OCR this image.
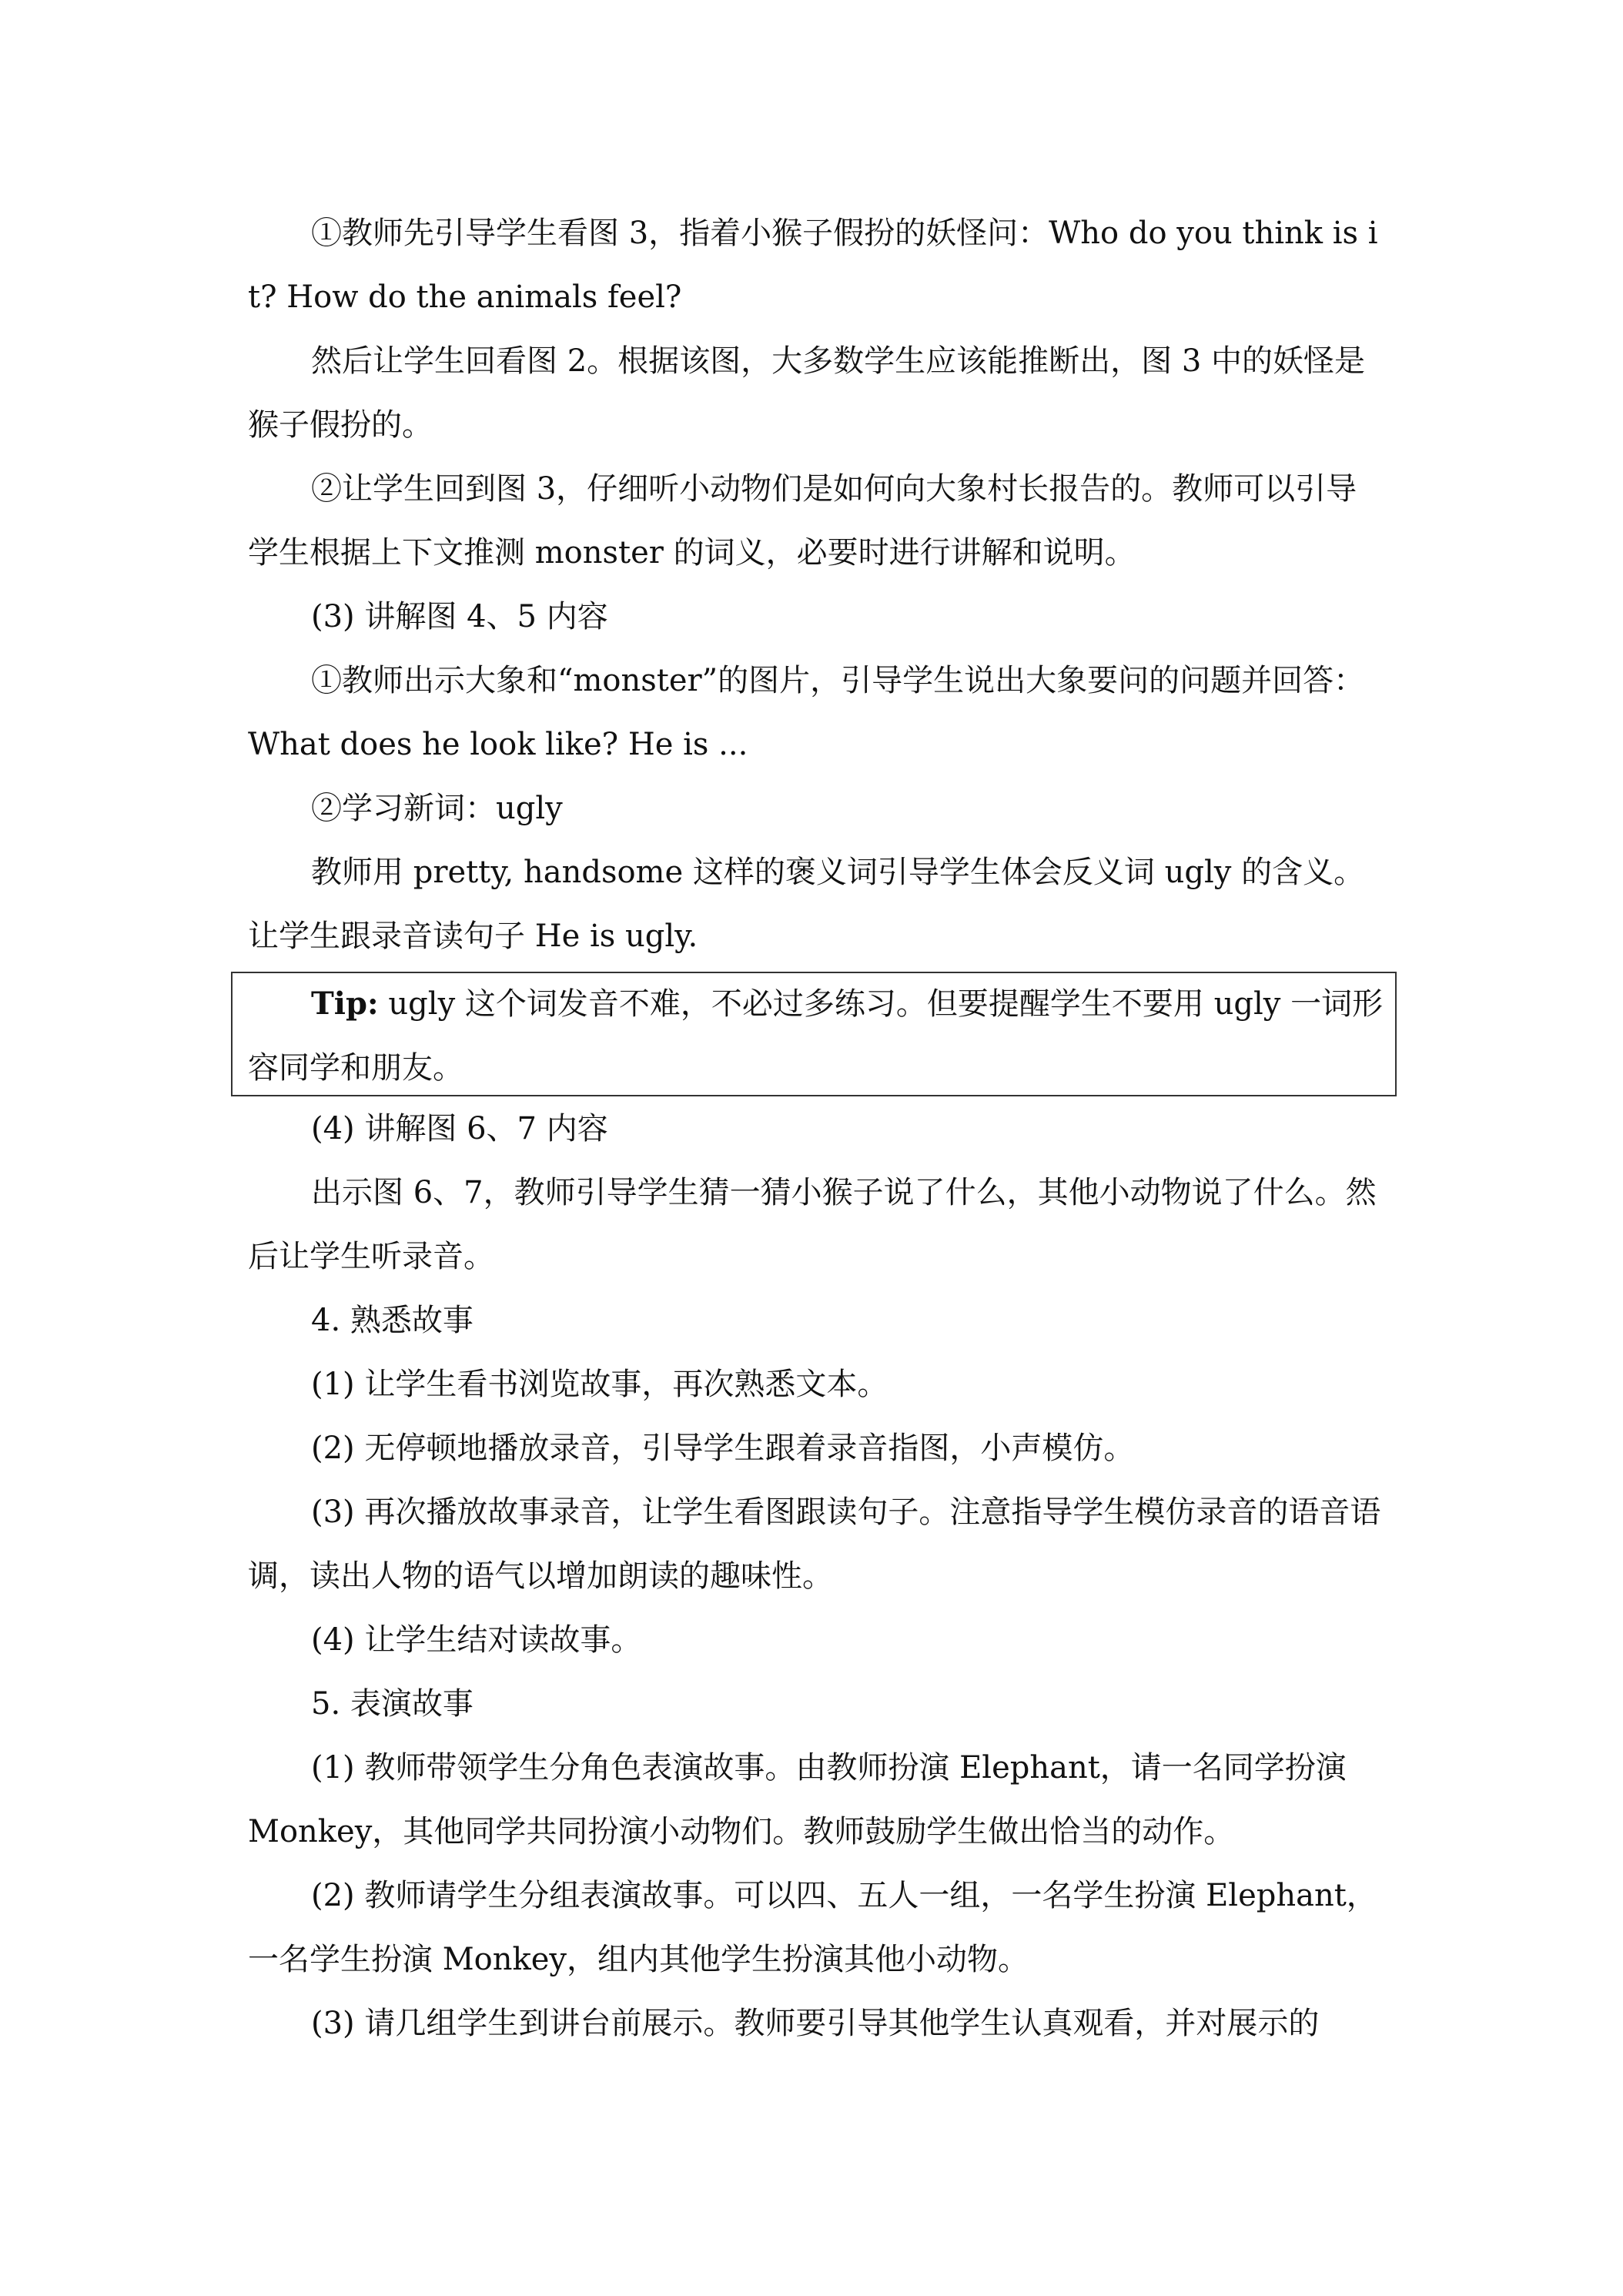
①教师先引导学生看图 3，指着小猴子假扮的妖怪问：Who do you think is it? How do the animals feel?

然后让学生回看图 2。根据该图，大多数学生应该能推断出，图 3 中的妖怪是猴子假扮的。

②让学生回到图 3，仔细听小动物们是如何向大象村长报告的。教师可以引导学生根据上下文推测 monster 的词义，必要时进行讲解和说明。

(3) 讲解图 4、5 内容

①教师出示大象和“monster”的图片，引导学生说出大象要问的问题并回答：What does he look like? He is ...

②学习新词：ugly

教师用 pretty, handsome 这样的褒义词引导学生体会反义词 ugly 的含义。让学生跟录音读句子 He is ugly.

Tip: ugly 这个词发音不难，不必过多练习。但要提醒学生不要用 ugly 一词形容同学和朋友。

(4) 讲解图 6、7 内容

出示图 6、7，教师引导学生猜一猜小猴子说了什么，其他小动物说了什么。然后让学生听录音。

4. 熟悉故事

(1) 让学生看书浏览故事，再次熟悉文本。

(2) 无停顿地播放录音，引导学生跟着录音指图，小声模仿。

(3) 再次播放故事录音，让学生看图跟读句子。注意指导学生模仿录音的语音语调，读出人物的语气以增加朗读的趣味性。

(4) 让学生结对读故事。

5. 表演故事

(1) 教师带领学生分角色表演故事。由教师扮演 Elephant，请一名同学扮演 Monkey，其他同学共同扮演小动物们。教师鼓励学生做出恰当的动作。

(2) 教师请学生分组表演故事。可以四、五人一组，一名学生扮演 Elephant，一名学生扮演 Monkey，组内其他学生扮演其他小动物。

(3) 请几组学生到讲台前展示。教师要引导其他学生认真观看，并对展示的
